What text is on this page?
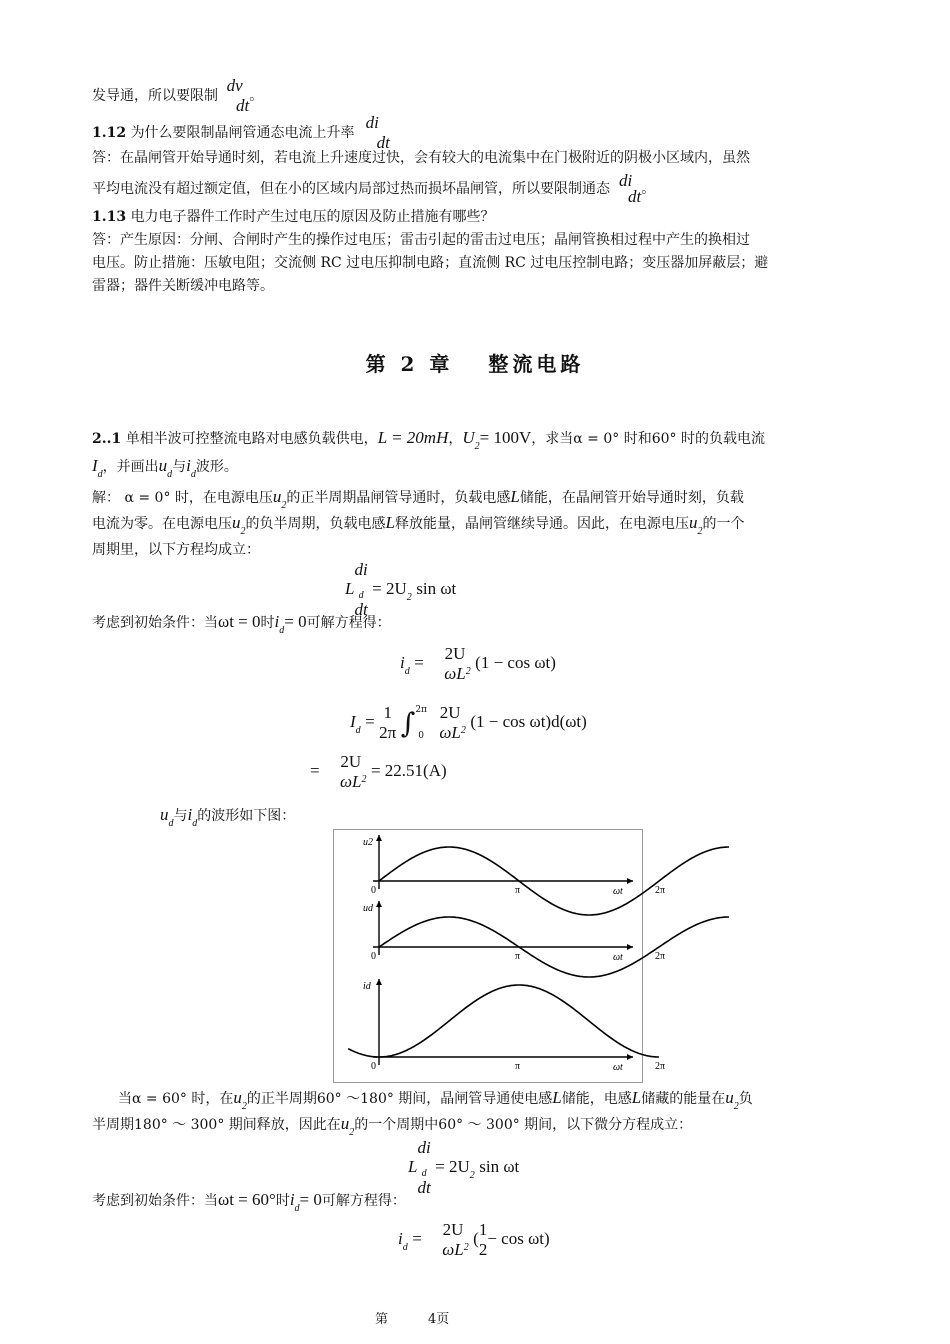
发导通，所以要限制
dv
dt 。
1.12 为什么要限制晶闸管通态电流上升率
di
dt
答：在晶闸管开始导通时刻，若电流上升速度过快，会有较大的电流集中在门极附近的阴极小区域内，虽然
平均电流没有超过额定值，但在小的区域内局部过热而损坏晶闸管，所以要限制通态 di
dt 。
1.13 电力电子器件工作时产生过电压的原因及防止措施有哪些？
答：产生原因：分闸、合闸时产生的操作过电压；雷击引起的雷击过电压；晶闸管换相过程中产生的换相过
电压。防止措施：压敏电阻；交流侧 RC 过电压抑制电路；直流侧 RC 过电压控制电路；变压器加屏蔽层；避
雷器；器件关断缓冲电路等。
第 2 章　 整流电路
2..1 单相半波可控整流电路对电感负载供电，L = 20mH，$U_2= 100V$，求当α = 0° 时和60° 时的负载电流
$I_d$，并画出$u_d$与$i_d$波形。
解： α = 0° 时，在电源电压$u_2$的正半周期晶闸管导通时，负载电感L储能，在晶闸管开始导通时刻，负载
电流为零。在电源电压$u_2$的负半周期，负载电感L释放能量，晶闸管继续导通。因此，在电源电压$u_2$的一个
周期里，以下方程均成立：
L
di
d
dt
= $2U_2$ sin ωt
考虑到初始条件：当ωt = 0时$i_d= 0$可解方程得：
$i_d = 2U$
ωL $_2$ (1 − cos ωt)
$I_d = 1$
2π ∫ 2π
0

2U
ωL $_2$ (1 − cos ωt)d(ωt)
= 2U
ωL $_2$ = 22.51(A)
$u_d$与$i_d$的波形如下图：
u2
ωt
0	π	2π
ud
ωt
0	π	2π
id
ωt
0	π	2π
当α = 60° 时，在$u_2$的正半周期60° ～180° 期间，晶闸管导通使电感L储能，电感L储藏的能量在$u_2$负
半周期180° ～ 300° 期间释放，因此在$u_2$的一个周期中60° ～ 300° 期间，以下微分方程成立：
L
di
d
dt
= $2U_2$ sin ωt
考虑到初始条件：当ωt = 60°时$i_d= 0$可解方程得：
$i_d = 2U$
ωL $_2$ ( 1
2
− cos ωt)
第	4页
